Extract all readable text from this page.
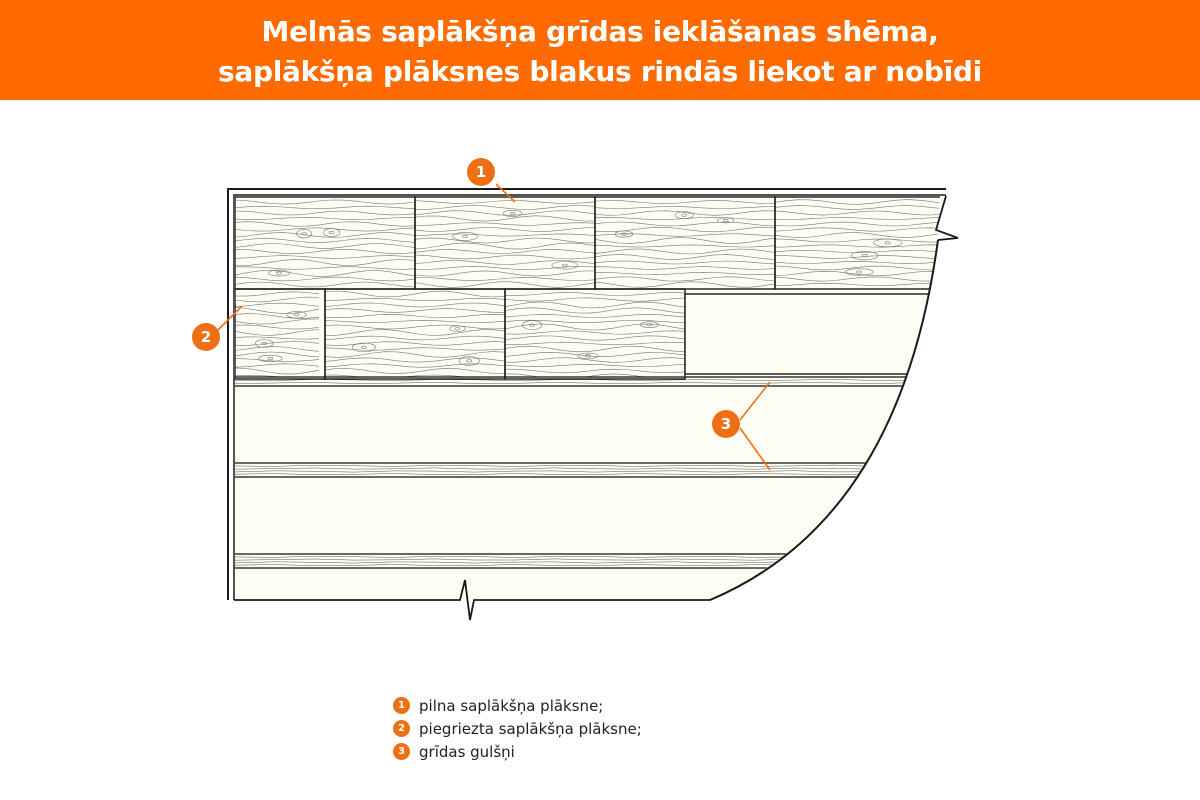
Melnās saplākšņa grīdas ieklāšanas shēma,
saplākšņa plāksnes blakus rindās liekot ar nobīdi
1
2
3
1 pilna saplākšņa plāksne;
2 piegriezta saplākšņa plāksne;
3 grīdas gulšņi
